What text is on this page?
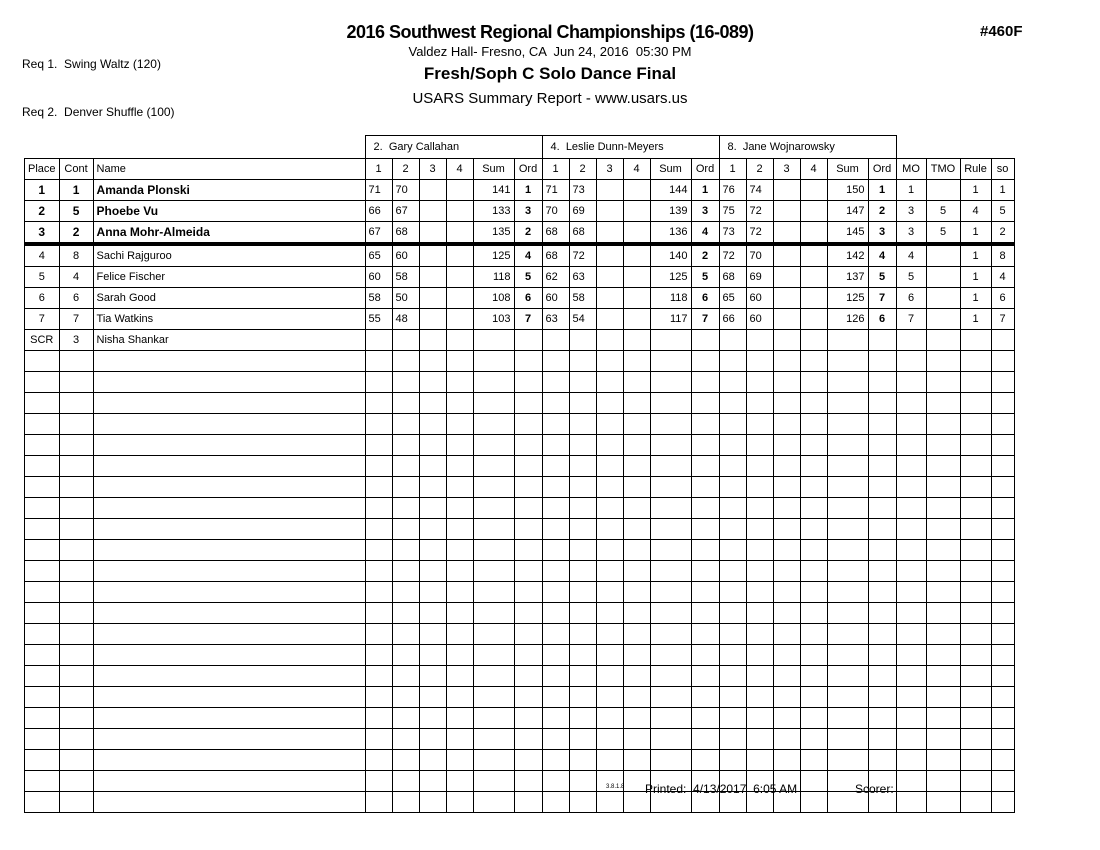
Req 1.  Swing Waltz (120)

Req 2.  Denver Shuffle (100)

2016 Southwest Regional Championships (16-089)
Valdez Hall- Fresno, CA  Jun 24, 2016  05:30 PM
Fresh/Soph C Solo Dance Final
USARS Summary Report - www.usars.us
#460F
			2.  Gary Callahan						4.  Leslie Dunn-Meyers						8.  Jane Wojnarowsky									
Place	Cont	Name	1	2	3	4	Sum	Ord	1	2	3	4	Sum	Ord	1	2	3	4	Sum	Ord	MO	TMO	Rule	so
1	1	Amanda Plonski	71	70			141	1	71	73			144	1	76	74			150	1	1		1	1
2	5	Phoebe Vu	66	67			133	3	70	69			139	3	75	72			147	2	3	5	4	5
3	2	Anna Mohr-Almeida	67	68			135	2	68	68			136	4	73	72			145	3	3	5	1	2
4	8	Sachi Rajguroo	65	60			125	4	68	72			140	2	72	70			142	4	4		1	8
5	4	Felice Fischer	60	58			118	5	62	63			125	5	68	69			137	5	5		1	4
6	6	Sarah Good	58	50			108	6	60	58			118	6	65	60			125	7	6		1	6
7	7	Tia Watkins	55	48			103	7	63	54			117	7	66	60			126	6	7		1	7
SCR	3	Nisha Shankar																						

3.8.1.8 Printed:  4/13/2017  6:05 AM	Scorer:
